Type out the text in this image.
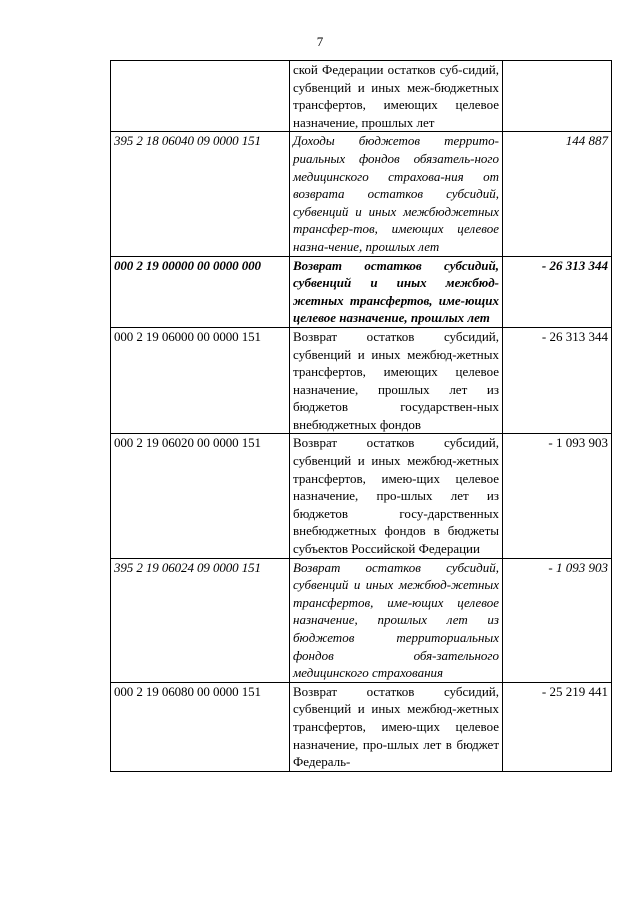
7
	ской Федерации остатков суб-сидий, субвенций и иных меж-бюджетных трансфертов, имеющих целевое назначение, прошлых лет	
395 2 18 06040 09 0000 151	Доходы бюджетов террито-риальных фондов обязатель-ного медицинского страхова-ния от возврата остатков субсидий, субвенций и иных межбюджетных трансфер-тов, имеющих целевое назна-чение, прошлых лет	144 887
000 2 19 00000 00 0000 000	Возврат остатков субсидий, субвенций и иных межбюд-жетных трансфертов, име-ющих целевое назначение, прошлых лет	- 26 313 344
000 2 19 06000 00 0000 151	Возврат остатков субсидий, субвенций и иных межбюд-жетных трансфертов, имеющих целевое назначение, прошлых лет из бюджетов государствен-ных внебюджетных фондов	- 26 313 344
000 2 19 06020 00 0000 151	Возврат остатков субсидий, субвенций и иных межбюд-жетных трансфертов, имею-щих целевое назначение, про-шлых лет из бюджетов госу-дарственных внебюджетных фондов в бюджеты субъектов Российской Федерации	- 1 093 903
395 2 19 06024 09 0000 151	Возврат остатков субсидий, субвенций и иных межбюд-жетных трансфертов, име-ющих целевое назначение, прошлых лет из бюджетов территориальных фондов обя-зательного медицинского страхования	- 1 093 903
000 2 19 06080 00 0000 151	Возврат остатков субсидий, субвенций и иных межбюд-жетных трансфертов, имею-щих целевое назначение, про-шлых лет в бюджет Федераль-	- 25 219 441
